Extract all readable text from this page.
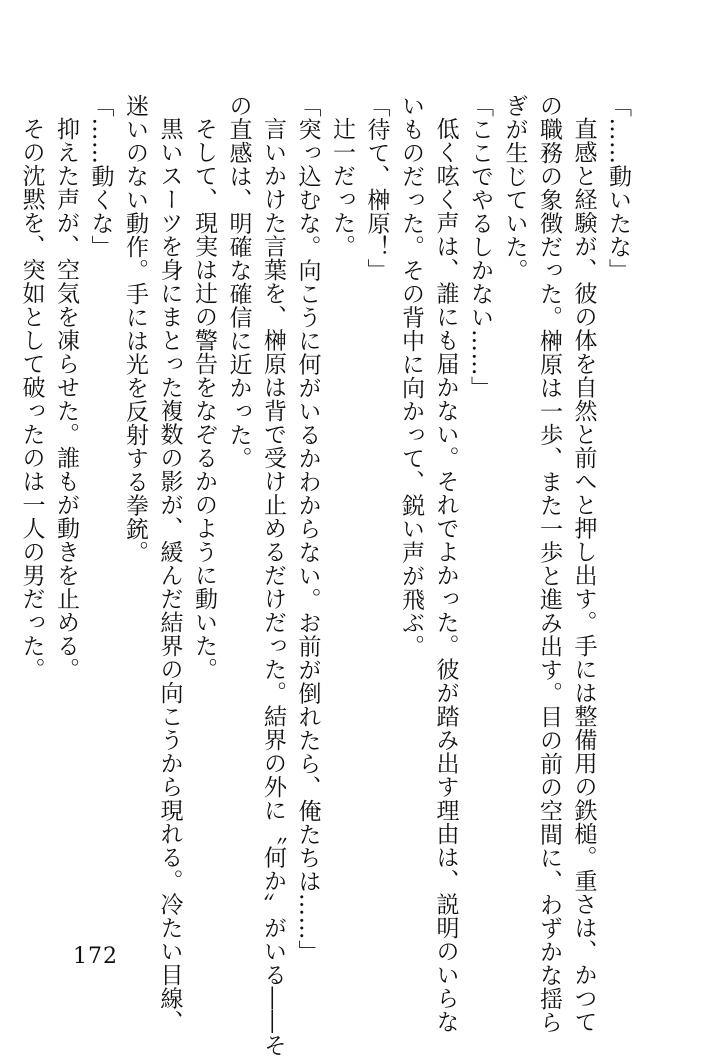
「……動いたな」
直感と経験が、彼の体を自然と前へと押し出す。手には整備用の鉄槌。重さは、かつて
の職務の象徴だった。榊原は一歩、また一歩と進み出す。目の前の空間に、わずかな揺ら
ぎが生じていた。
「ここでやるしかない……」
低く呟く声は、誰にも届かない。それでよかった。彼が踏み出す理由は、説明のいらな
いものだった。その背中に向かって、鋭い声が飛ぶ。
「待て、榊原！」
辻一だった。
「突っ込むな。向こうに何がいるかわからない。お前が倒れたら、俺たちは……」
言いかけた言葉を、榊原は背で受け止めるだけだった。結界の外に〝何か〟がいる――そ
の直感は、明確な確信に近かった。
そして、現実は辻の警告をなぞるかのように動いた。
黒いスーツを身にまとった複数の影が、緩んだ結界の向こうから現れる。冷たい目線、
迷いのない動作。手には光を反射する拳銃。
「……動くな」
抑えた声が、空気を凍らせた。誰もが動きを止める。
その沈黙を、突如として破ったのは一人の男だった。
172
